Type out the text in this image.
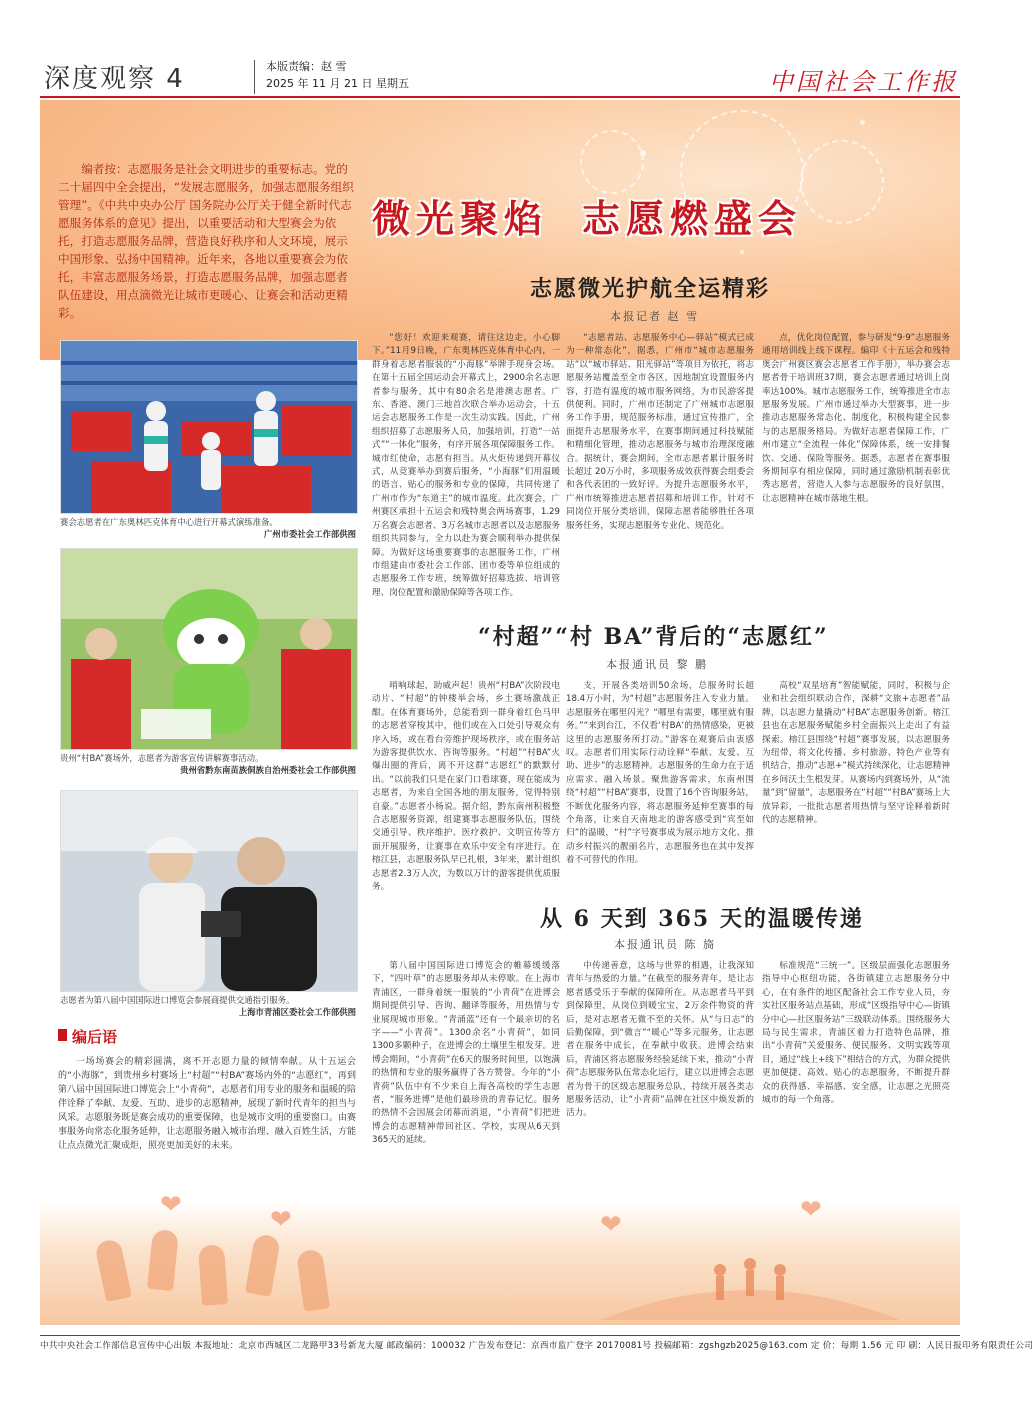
深度观察 4	本版责编：赵 雪
2025 年 11 月 21 日 星期五	中国社会工作报
编者按：志愿服务是社会文明进步的重要标志。党的二十届四中全会提出，“发展志愿服务，加强志愿服务组织管理”。《中共中央办公厅 国务院办公厅关于健全新时代志愿服务体系的意见》提出，以重要活动和大型赛会为依托，打造志愿服务品牌，营造良好秩序和人文环境，展示中国形象、弘扬中国精神。近年来，各地以重要赛会为依托，丰富志愿服务场景，打造志愿服务品牌，加强志愿者队伍建设，用点滴微光让城市更暖心、让赛会和活动更精彩。
微光聚焰 志愿燃盛会
赛会志愿者在广东奥林匹克体育中心进行开幕式演练准备。
广州市委社会工作部供图
贵州“村BA”赛场外，志愿者为游客宣传讲解赛事活动。
贵州省黔东南苗族侗族自治州委社会工作部供图
志愿者为第八届中国国际进口博览会参展商提供交通指引服务。
上海市青浦区委社会工作部供图
编后语
一场场赛会的精彩圆满，离不开志愿力量的倾情奉献。从十五运会的“小海豚”，到贵州乡村赛场上“村超”“村BA”赛场内外的“志愿红”，再到第八届中国国际进口博览会上“小青荷”，志愿者们用专业的服务和温暖的陪伴诠释了奉献、友爱、互助、进步的志愿精神，展现了新时代青年的担当与风采。志愿服务既是赛会成功的重要保障，也是城市文明的重要窗口。由赛事服务向常态化服务延伸，让志愿服务融入城市治理、融入百姓生活，方能让点点微光汇聚成炬，照亮更加美好的未来。
志愿微光护航全运精彩
本报记者 赵 雪
“您好！欢迎来观赛，请往这边走，小心脚下。”11月9日晚，广东奥林匹克体育中心内，一群身着志愿者服装的“小海豚”举牌手现身会场。在第十五届全国运动会开幕式上，2900余名志愿者参与服务，其中有80余名是港澳志愿者。广东、香港、澳门三地首次联合举办运动会，十五运会志愿服务工作是一次生动实践。因此，广州组织招募了志愿服务人员，加强培训，打造“一站式”“一体化”服务，有序开展各项保障服务工作。城市红使命，志愿有担当。从火炬传递到开幕仪式，从竞赛举办到赛后服务，“小海豚”们用温暖的语言、贴心的服务和专业的保障，共同传递了广州市作为“东道主”的城市温度。此次赛会，广州赛区承担十五运会和残特奥会两场赛事，1.29万名赛会志愿者、3万名城市志愿者以及志愿服务组织共同参与，全力以赴为赛会顺利举办提供保障。为做好这场重要赛事的志愿服务工作，广州市组建由市委社会工作部、团市委等单位组成的志愿服务工作专班，统筹做好招募选拔、培训管理、岗位配置和激励保障等各项工作。
“志愿者站、志愿服务中心—驿站”模式已成为一种常态化”，据悉，广州市“城市志愿服务站”以“城市驿站、阳光驿站”等项目为依托，将志愿服务站覆盖至全市各区，因地制宜设置服务内容，打造有温度的城市服务网络，为市民游客提供便利。同时，广州市还制定了广州城市志愿服务工作手册，规范服务标准，通过宣传推广，全面提升志愿服务水平，在赛事期间通过科技赋能和精细化管理，推动志愿服务与城市治理深度融合。据统计，赛会期间，全市志愿者累计服务时长超过 20万小时，多项服务成效获得赛会组委会和各代表团的一致好评。为提升志愿服务水平，广州市统筹推进志愿者招募和培训工作，针对不同岗位开展分类培训，保障志愿者能够胜任各项服务任务，实现志愿服务专业化、规范化。
点，优化岗位配置，参与研发“9·9”志愿服务通用培训线上线下课程。编印《十五运会和残特奥会广州赛区赛会志愿者工作手册》，举办赛会志愿者骨干培训班37期，赛会志愿者通过培训上岗率达100%。城市志愿服务工作，统筹推进全市志愿服务发展。广州市通过举办大型赛事，进一步推动志愿服务常态化、制度化，积极构建全民参与的志愿服务格局。为做好志愿者保障工作，广州市建立“全流程一体化”保障体系，统一安排餐饮、交通、保险等服务。据悉，志愿者在赛事服务期间享有相应保障，同时通过激励机制表彰优秀志愿者，营造人人参与志愿服务的良好氛围，让志愿精神在城市落地生根。
“村超”“村 BA”背后的“志愿红”
本报通讯员 黎 鹏
哨响球起，助威声起！贵州“村BA”次阶段电动片、“村超”的钟楼举会场，乡土赛场激战正酣。在体育赛场外，总能看到一群身着红色马甲的志愿者穿梭其中，他们或在入口处引导观众有序入场，或在看台旁维护现场秩序，或在服务站为游客提供饮水、咨询等服务。“村超”“村BA”火爆出圈的背后，离不开这群“志愿红”的默默付出。“以前我们只是在家门口看球赛，现在能成为志愿者，为来自全国各地的朋友服务，觉得特别自豪。”志愿者小杨说。据介绍，黔东南州积极整合志愿服务资源，组建赛事志愿服务队伍，围绕交通引导、秩序维护、医疗救护、文明宣传等方面开展服务，让赛事在欢乐中安全有序进行。在榕江县，志愿服务队早已扎根，3年来，累计组织志愿者2.3万人次，为数以万计的游客提供优质服务。
支，开展各类培训50余场，总服务时长超18.4万小时，为“村超”志愿服务注入专业力量。志愿服务在哪里闪光？“哪里有需要，哪里就有服务。”“来到台江，不仅看‘村BA’的热情感染，更被这里的志愿服务所打动。”游客在观赛后由衷感叹。志愿者们用实际行动诠释“奉献、友爱、互助、进步”的志愿精神。志愿服务的生命力在于适应需求、融入场景。聚焦游客需求，东南州围绕“村超”“村BA”赛事，设置了16个咨询服务站，不断优化服务内容，将志愿服务延伸至赛事的每个角落，让来自天南地北的游客感受到“宾至如归”的温暖，“村”字号赛事成为展示地方文化、推动乡村振兴的靓丽名片，志愿服务也在其中发挥着不可替代的作用。
高校“双星培育”智能赋能，同时，积极与企业和社会组织联动合作，深耕“文旅+志愿者”品牌，以志愿力量撬动“村BA”志愿服务创新。榕江县也在志愿服务赋能乡村全面振兴上走出了有益探索。榕江县围绕“村超”赛事发展，以志愿服务为纽带，将文化传播、乡村旅游、特色产业等有机结合，推动“志愿+”模式持续深化，让志愿精神在乡间沃土生根发芽。从赛场内到赛场外，从“流量”到“留量”，志愿服务在“村超”“村BA”赛场上大放异彩，一批批志愿者用热情与坚守诠释着新时代的志愿精神。
从 6 天到 365 天的温暖传递
本报通讯员 陈 旖
第八届中国国际进口博览会的帷幕缓缓落下，“四叶草”的志愿服务却从未停歇。在上海市青浦区，一群身着统一服装的“小青荷”在进博会期间提供引导、咨询、翻译等服务，用热情与专业展现城市形象。“青涌蓝”还有一个最亲切的名字——“小青荷”。1300余名“小青荷”，如同1300多颗种子，在进博会的土壤里生根发芽。进博会期间，“小青荷”在6天的服务时间里，以饱满的热情和专业的服务赢得了各方赞誉。今年的“小青荷”队伍中有不少来自上海各高校的学生志愿者，“服务进博”是他们最珍贵的青春记忆。服务的热情不会因展会闭幕而消退，“小青荷”们把进博会的志愿精神带回社区、学校，实现从6天到365天的延续。
中传递善意，这场与世界的相遇，让我深知青年与热爱的力量。”在截至的服务青年，是让志愿者感受乐于奉献的保障所在。从志愿者马平到到保障里，从岗位到暖宝宝，2万余件物资的背后，是对志愿者无微不至的关怀。从“与日志”的后勤保障，到“微言”“暖心”等多元服务，让志愿者在服务中成长，在奉献中收获。进博会结束后，青浦区将志愿服务经验延续下来，推动“小青荷”志愿服务队伍常态化运行，建立以进博会志愿者为骨干的区级志愿服务总队，持续开展各类志愿服务活动，让“小青荷”品牌在社区中焕发新的活力。
标准规范“三统一”。区级层面强化志愿服务指导中心枢纽功能，各街镇建立志愿服务分中心，在有条件的地区配备社会工作专业人员，夯实社区服务站点基础，形成“区级指导中心—街镇分中心—社区服务站”三级联动体系。围绕服务大局与民生需求，青浦区着力打造特色品牌，推出“小青荷”关爱服务、便民服务、文明实践等项目，通过“线上+线下”相结合的方式，为群众提供更加便捷、高效、贴心的志愿服务，不断提升群众的获得感、幸福感、安全感，让志愿之光照亮城市的每一个角落。
❤	❤	❤	❤
中共中央社会工作部信息宣传中心出版 本报地址：北京市西城区二龙路甲33号新龙大厦 邮政编码：100032 广告发布登记：京西市监广登字 20170081号 投稿邮箱：zgshgzb2025@163.com 定 价：每期 1.56 元 印 刷：人民日报印务有限责任公司
